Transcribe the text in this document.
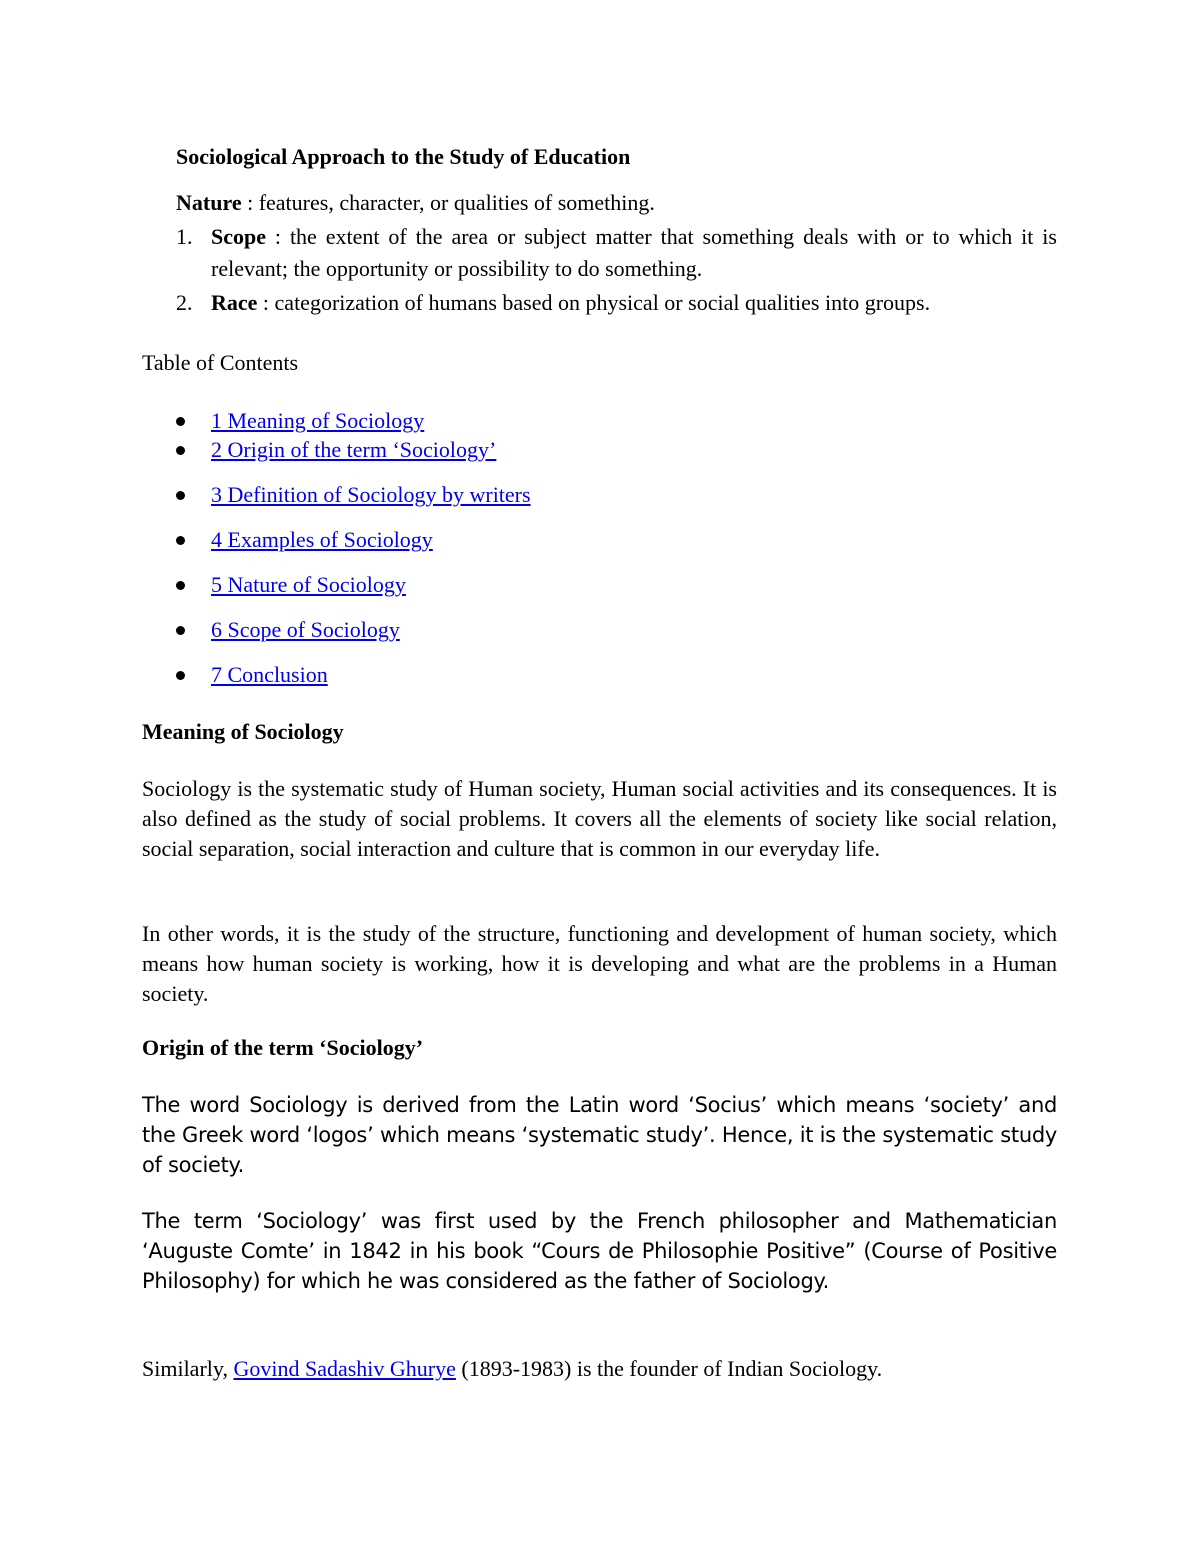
Sociological Approach to the Study of Education
Nature : features, character, or qualities of something.
1. Scope : the extent of the area or subject matter that something deals with or to which it is relevant; the opportunity or possibility to do something.
2. Race : categorization of humans based on physical or social qualities into groups.
Table of Contents
1 Meaning of Sociology
2 Origin of the term ‘Sociology’
3 Definition of Sociology by writers
4 Examples of Sociology
5 Nature of Sociology
6 Scope of Sociology
7 Conclusion
Meaning of Sociology
Sociology is the systematic study of Human society, Human social activities and its consequences. It is also defined as the study of social problems. It covers all the elements of society like social relation, social separation, social interaction and culture that is common in our everyday life.
In other words, it is the study of the structure, functioning and development of human society, which means how human society is working, how it is developing and what are the problems in a Human society.
Origin of the term ‘Sociology’
The word Sociology is derived from the Latin word ‘Socius’ which means ‘society’ and the Greek word ‘logos’ which means ‘systematic study’. Hence, it is the systematic study of society.
The term ‘Sociology’ was first used by the French philosopher and Mathematician ‘Auguste Comte’ in 1842 in his book “Cours de Philosophie Positive” (Course of Positive Philosophy) for which he was considered as the father of Sociology.
Similarly, Govind Sadashiv Ghurye (1893-1983) is the founder of Indian Sociology.
